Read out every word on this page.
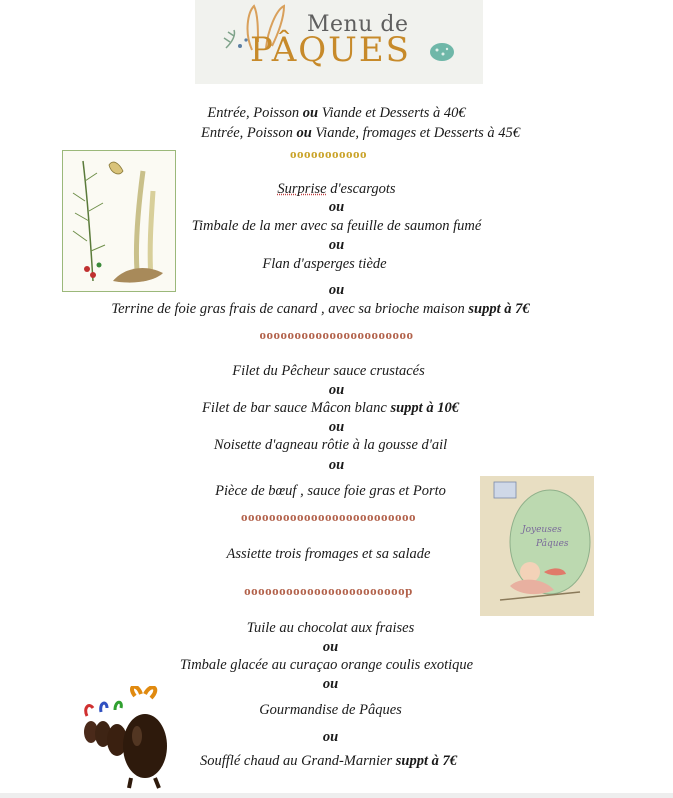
Menu de
PÂQUES
Joyeuses
Pâques
Entrée, Poisson ou Viande et Desserts à 40€
Entrée, Poisson ou Viande, fromages et Desserts à 45€
ooooooooooo
Surprise d'escargots
ou
Timbale de la mer avec sa feuille de saumon fumé
ou
Flan d'asperges tiède
ou
Terrine de foie gras frais de canard , avec sa brioche maison suppt à 7€
oooooooooooooooooooooo
Filet du Pêcheur sauce crustacés
ou
Filet de bar sauce Mâcon blanc suppt à 10€
ou
Noisette d'agneau rôtie à la gousse d'ail
ou
Pièce de bœuf , sauce foie gras et Porto
ooooooooooooooooooooooooo
Assiette trois fromages et sa salade
ooooooooooooooooooooooop
Tuile au chocolat aux fraises
ou
Timbale glacée au curaçao orange coulis exotique
ou
Gourmandise de Pâques
ou
Soufflé chaud au Grand-Marnier suppt à 7€
